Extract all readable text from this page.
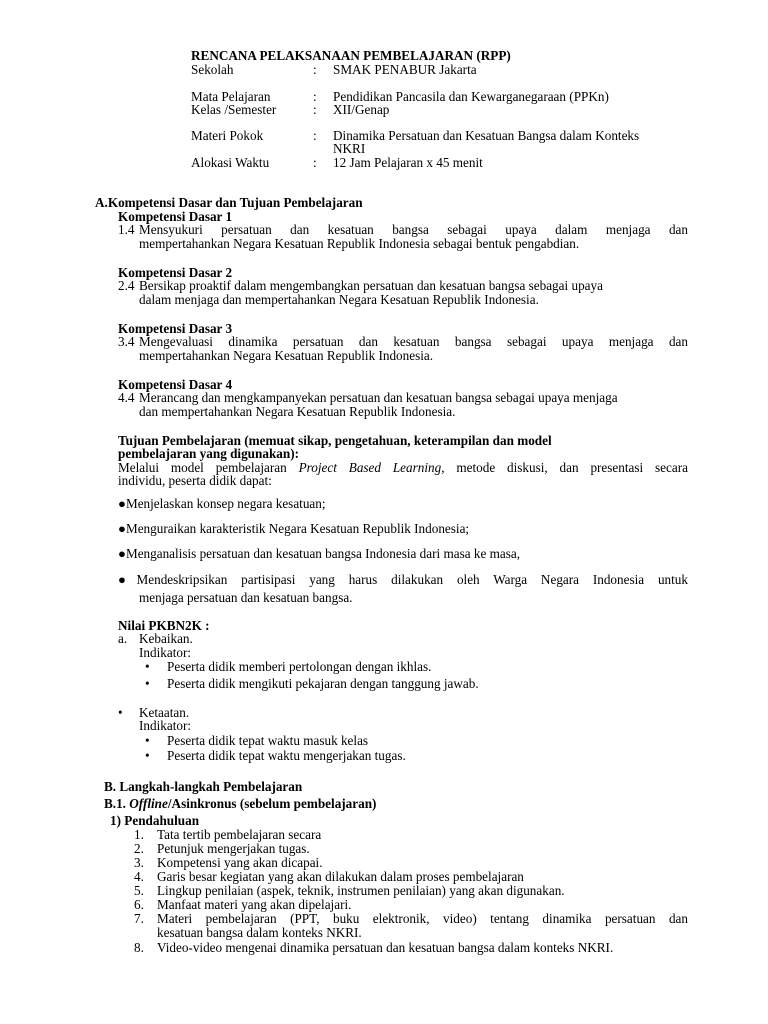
RENCANA PELAKSANAAN PEMBELAJARAN (RPP)
Sekolah	: SMAK PENABUR Jakarta
Mata Pelajaran	: Pendidikan Pancasila dan Kewarganegaraan (PPKn)
Kelas /Semester	: XII/Genap
Materi Pokok	: Dinamika Persatuan dan Kesatuan Bangsa dalam Konteks
NKRI
Alokasi Waktu	: 12 Jam Pelajaran x 45 menit
A.Kompetensi Dasar dan Tujuan Pembelajaran
Kompetensi Dasar 1
1.4 Mensyukuri persatuan dan kesatuan bangsa sebagai upaya dalam menjaga dan
mempertahankan Negara Kesatuan Republik Indonesia sebagai bentuk pengabdian.
Kompetensi Dasar 2
2.4 Bersikap proaktif dalam mengembangkan persatuan dan kesatuan bangsa sebagai upaya
dalam menjaga dan mempertahankan Negara Kesatuan Republik Indonesia.
Kompetensi Dasar 3
3.4 Mengevaluasi dinamika persatuan dan kesatuan bangsa sebagai upaya menjaga dan
mempertahankan Negara Kesatuan Republik Indonesia.
Kompetensi Dasar 4
4.4 Merancang dan mengkampanyekan persatuan dan kesatuan bangsa sebagai upaya menjaga
dan mempertahankan Negara Kesatuan Republik Indonesia.
Tujuan Pembelajaran (memuat sikap, pengetahuan, keterampilan dan model
pembelajaran yang digunakan):
Melalui model pembelajaran Project Based Learning, metode diskusi, dan presentasi secara
individu, peserta didik dapat:
●Menjelaskan konsep negara kesatuan;
●Menguraikan karakteristik Negara Kesatuan Republik Indonesia;
●Menganalisis persatuan dan kesatuan bangsa Indonesia dari masa ke masa,
●Mendeskripsikan partisipasi yang harus dilakukan oleh Warga Negara Indonesia untuk
menjaga persatuan dan kesatuan bangsa.
Nilai PKBN2K :
a. Kebaikan.
Indikator:
• Peserta didik memberi pertolongan dengan ikhlas.
• Peserta didik mengikuti pekajaran dengan tanggung jawab.
• Ketaatan.
Indikator:
• Peserta didik tepat waktu masuk kelas
• Peserta didik tepat waktu mengerjakan tugas.
B. Langkah-langkah Pembelajaran
B.1. Offline/Asinkronus (sebelum pembelajaran)
1) Pendahuluan
1. Tata tertib pembelajaran secara
2. Petunjuk mengerjakan tugas.
3. Kompetensi yang akan dicapai.
4. Garis besar kegiatan yang akan dilakukan dalam proses pembelajaran
5. Lingkup penilaian (aspek, teknik, instrumen penilaian) yang akan digunakan.
6. Manfaat materi yang akan dipelajari.
7. Materi pembelajaran (PPT, buku elektronik, video) tentang dinamika persatuan dan
kesatuan bangsa dalam konteks NKRI.
8. Video-video mengenai dinamika persatuan dan kesatuan bangsa dalam konteks NKRI.
